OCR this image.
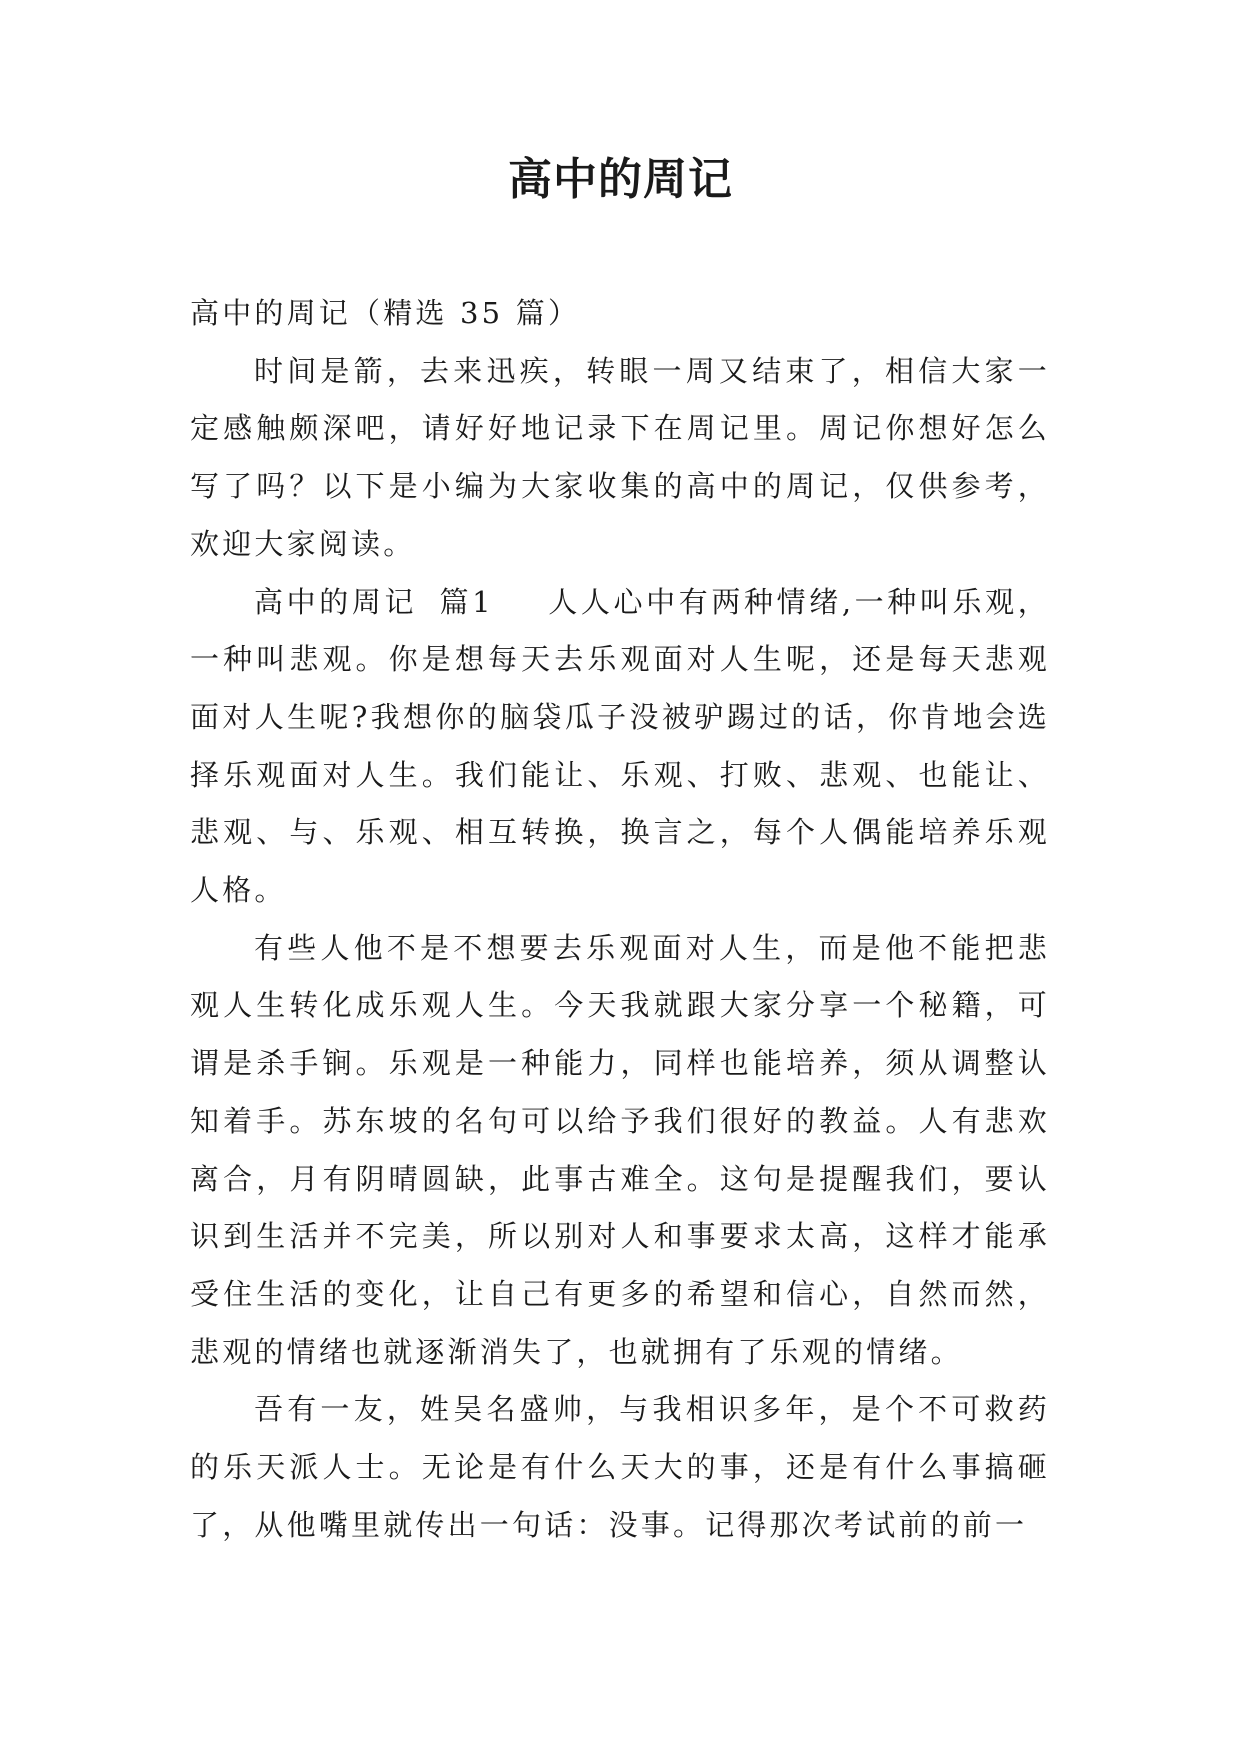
高中的周记

高中的周记（精选 35 篇）

时间是箭，去来迅疾，转眼一周又结束了，相信大家一定感触颇深吧，请好好地记录下在周记里。周记你想好怎么写了吗？以下是小编为大家收集的高中的周记，仅供参考，欢迎大家阅读。

高中的周记 篇1 人人心中有两种情绪,一种叫乐观，一种叫悲观。你是想每天去乐观面对人生呢，还是每天悲观面对人生呢?我想你的脑袋瓜子没被驴踢过的话，你肯地会选择乐观面对人生。我们能让、乐观、打败、悲观、也能让、悲观、与、乐观、相互转换，换言之，每个人偶能培养乐观人格。

有些人他不是不想要去乐观面对人生，而是他不能把悲观人生转化成乐观人生。今天我就跟大家分享一个秘籍，可谓是杀手锏。乐观是一种能力，同样也能培养，须从调整认知着手。苏东坡的名句可以给予我们很好的教益。人有悲欢离合，月有阴晴圆缺，此事古难全。这句是提醒我们，要认识到生活并不完美，所以别对人和事要求太高，这样才能承受住生活的变化，让自己有更多的希望和信心，自然而然，悲观的情绪也就逐渐消失了，也就拥有了乐观的情绪。

吾有一友，姓吴名盛帅，与我相识多年，是个不可救药的乐天派人士。无论是有什么天大的事，还是有什么事搞砸了，从他嘴里就传出一句话：没事。记得那次考试前的前一
